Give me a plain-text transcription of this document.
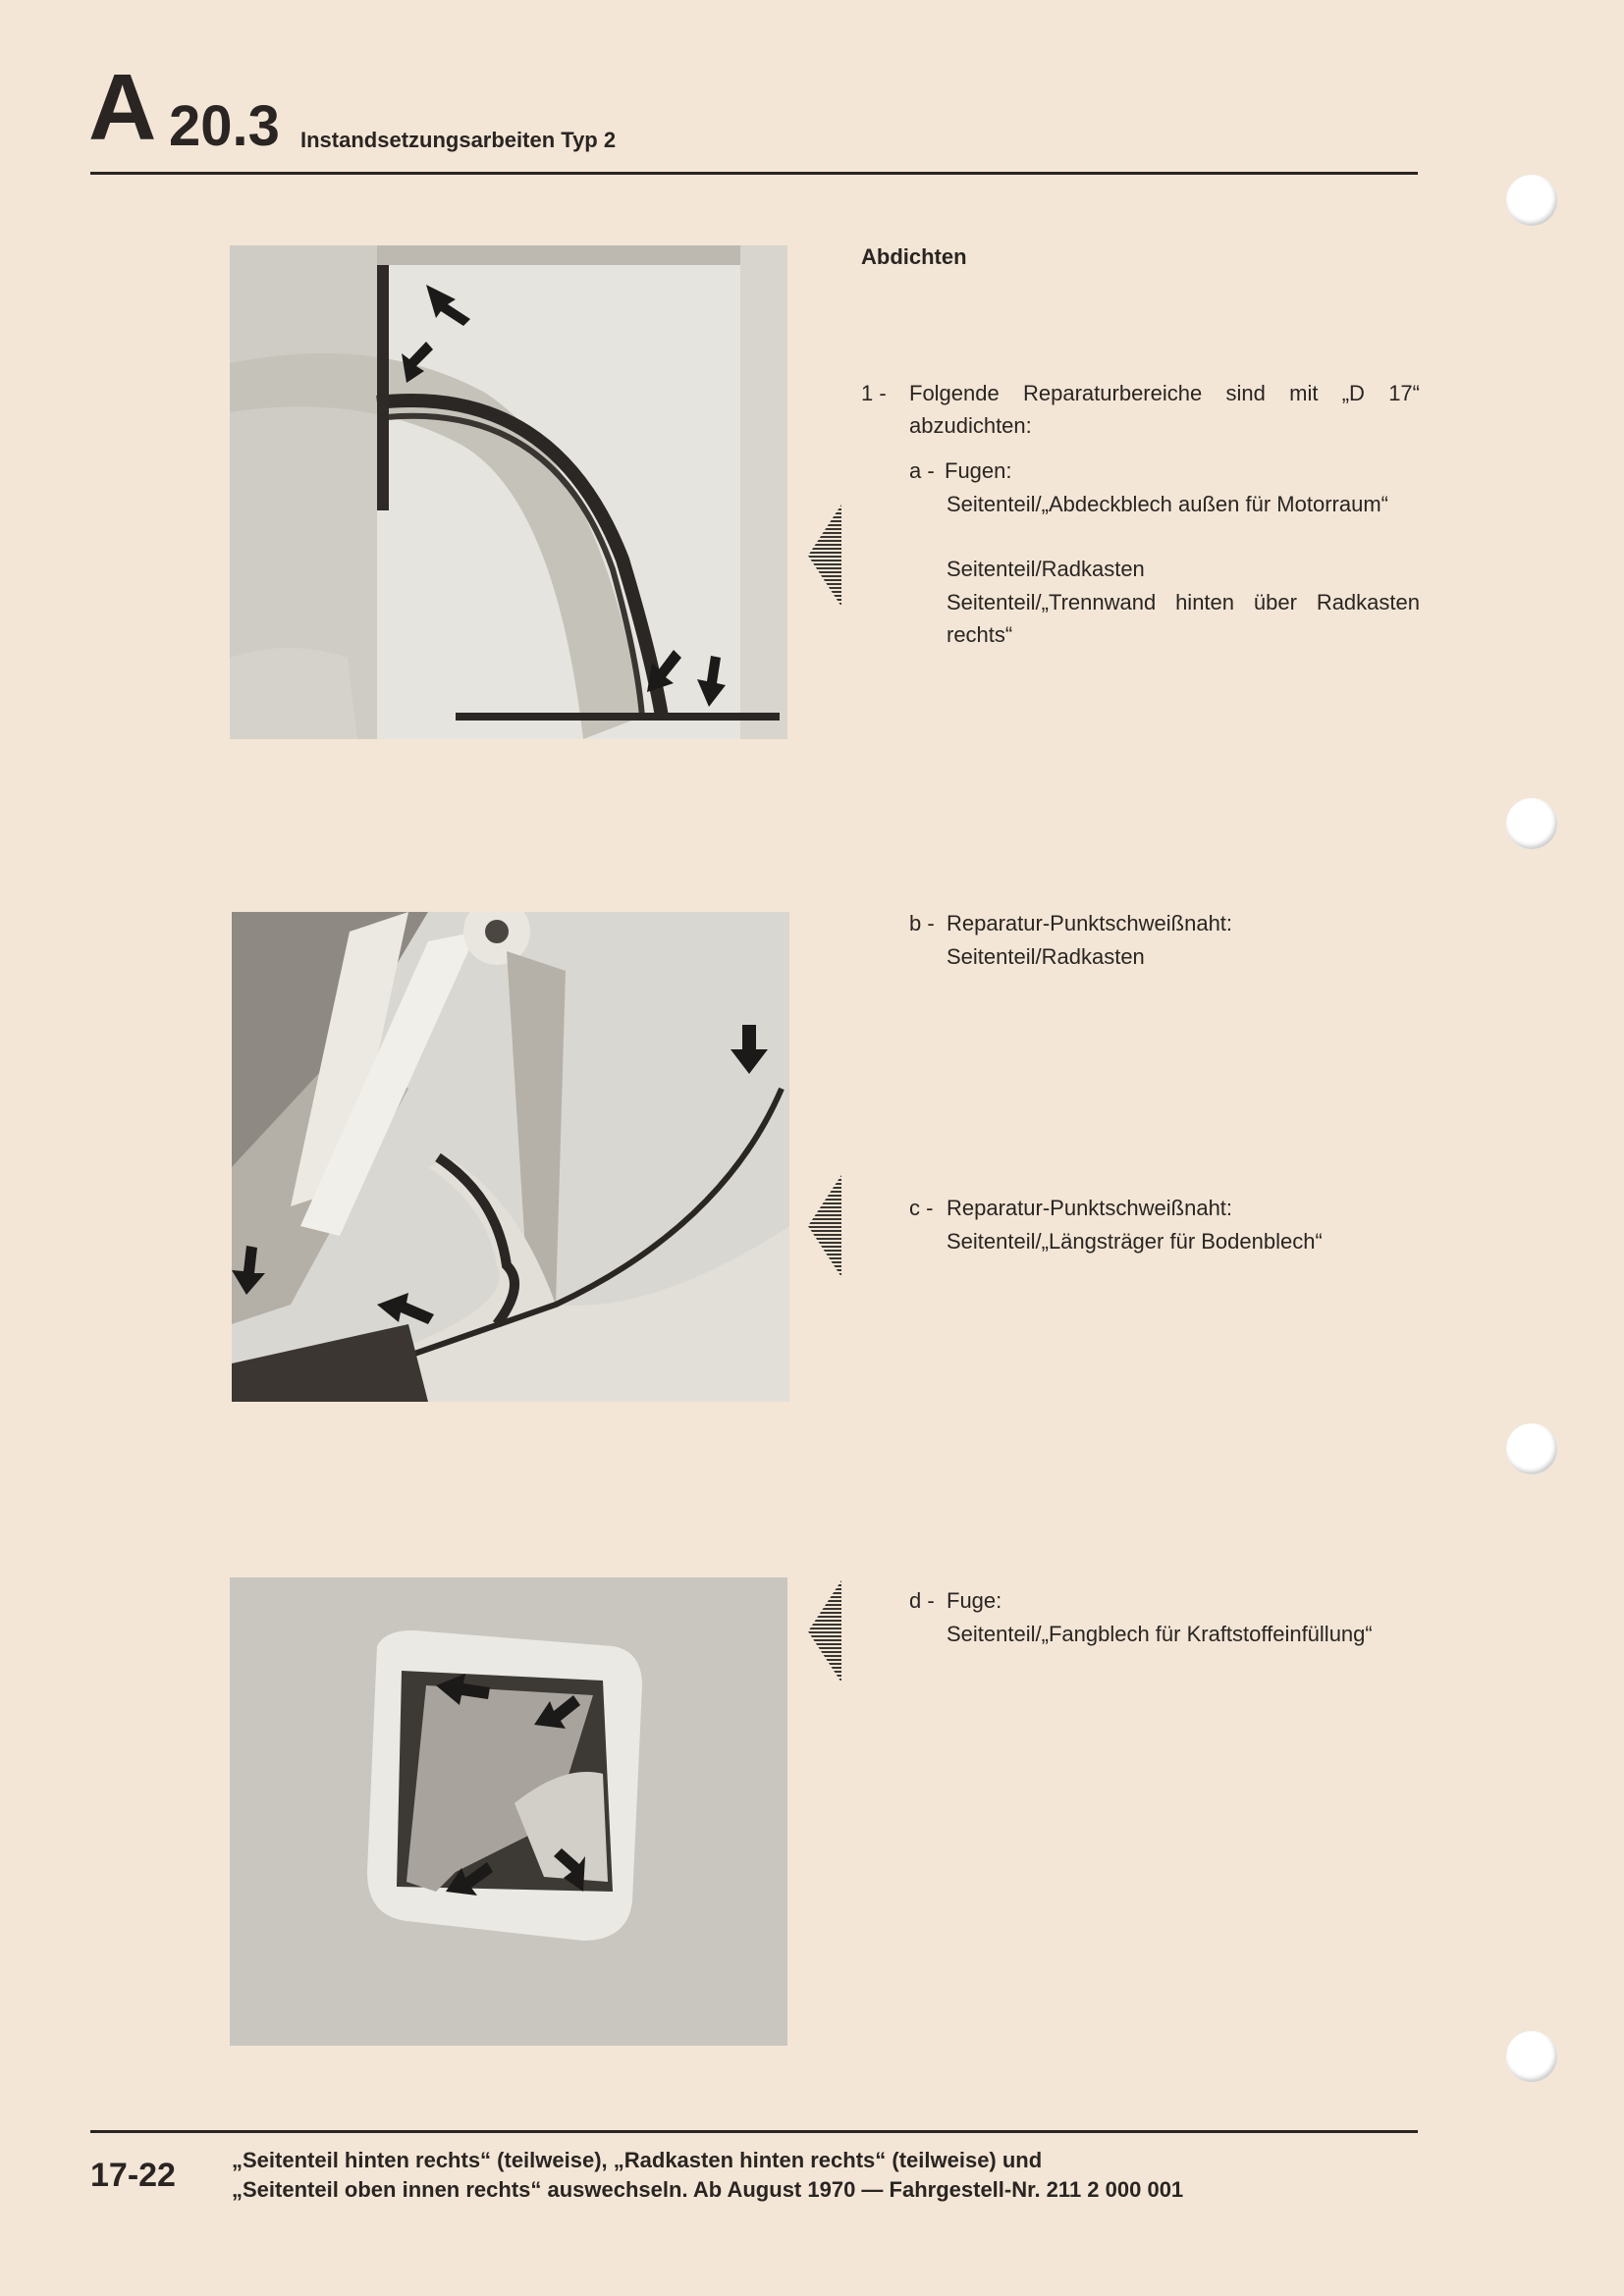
A 20.3 Instandsetzungsarbeiten Typ 2
Abdichten
1 - Folgende Reparaturbereiche sind mit „D 17“ abzudichten:
a - Fugen:
Seitenteil/„Abdeckblech außen für Motorraum“
Seitenteil/Radkasten
Seitenteil/„Trennwand hinten über Radkasten rechts“
b - Reparatur-Punktschweißnaht:
Seitenteil/Radkasten
c - Reparatur-Punktschweißnaht:
Seitenteil/„Längsträger für Bodenblech“
d - Fuge:
Seitenteil/„Fangblech für Kraftstoffeinfüllung“
17-22	„Seitenteil hinten rechts“ (teilweise), „Radkasten hinten rechts“ (teilweise) und
„Seitenteil oben innen rechts“ auswechseln. Ab August 1970 — Fahrgestell-Nr. 211 2 000 001
